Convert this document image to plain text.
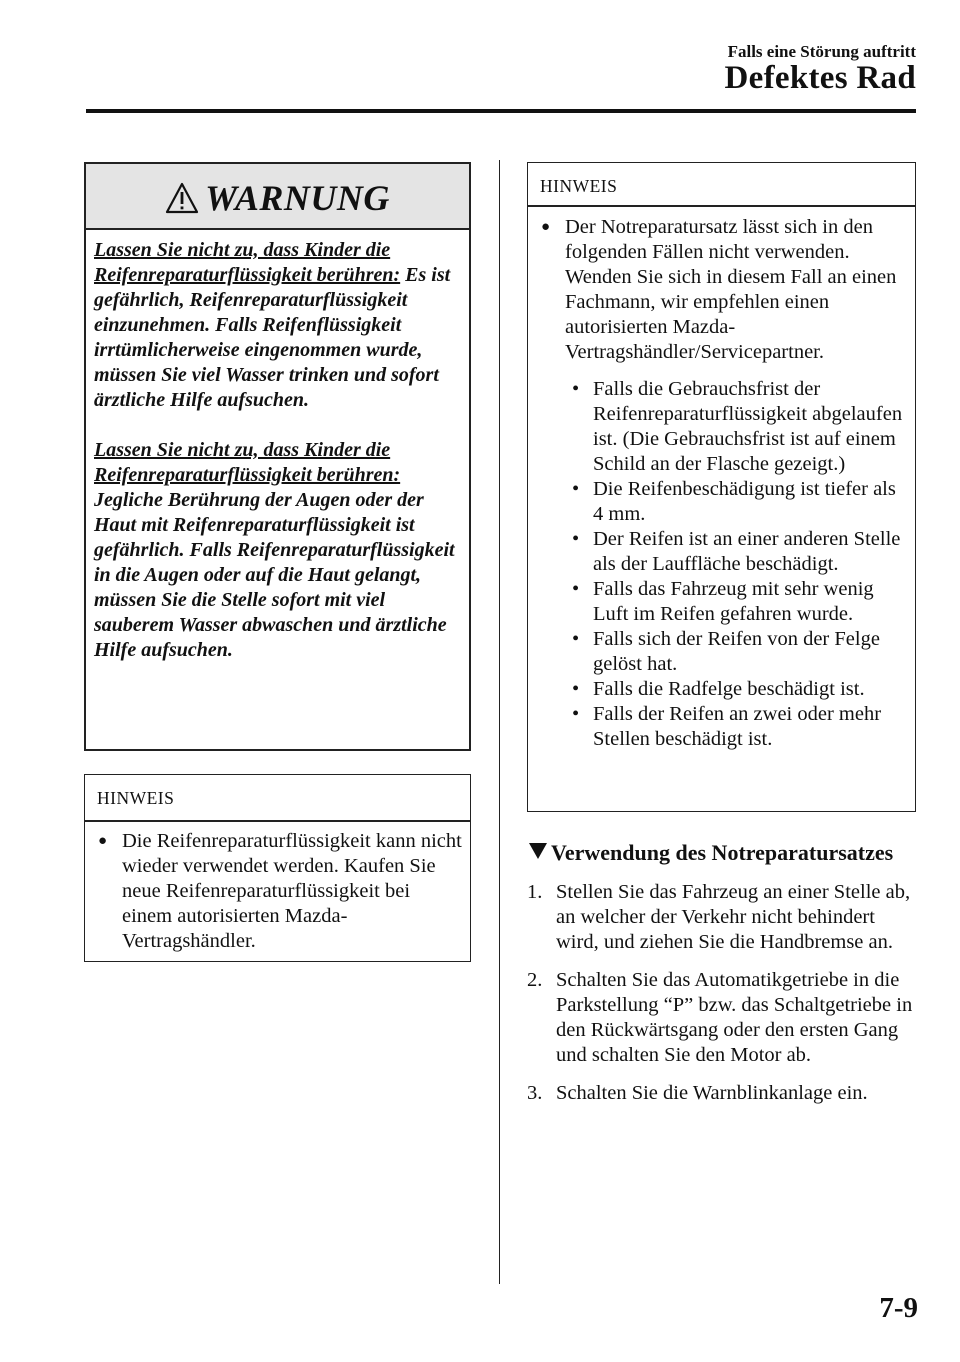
Falls eine Störung auftritt
Defektes Rad
WARNUNG

Lassen Sie nicht zu, dass Kinder die Reifenreparaturflüssigkeit berühren: Es ist gefährlich, Reifenreparaturflüssigkeit einzunehmen. Falls Reifenflüssigkeit irrtümlicherweise eingenommen wurde, müssen Sie viel Wasser trinken und sofort ärztliche Hilfe aufsuchen.

Lassen Sie nicht zu, dass Kinder die Reifenreparaturflüssigkeit berühren: Jegliche Berührung der Augen oder der Haut mit Reifenreparaturflüssigkeit ist gefährlich. Falls Reifenreparaturflüssigkeit in die Augen oder auf die Haut gelangt, müssen Sie die Stelle sofort mit viel sauberem Wasser abwaschen und ärztliche Hilfe aufsuchen.

HINWEIS
● Die Reifenreparaturflüssigkeit kann nicht wieder verwendet werden. Kaufen Sie neue Reifenreparaturflüssigkeit bei einem autorisierten Mazda-Vertragshändler.
HINWEIS
● Der Notreparatursatz lässt sich in den folgenden Fällen nicht verwenden. Wenden Sie sich in diesem Fall an einen Fachmann, wir empfehlen einen autorisierten Mazda-Vertragshändler/Servicepartner.
• Falls die Gebrauchsfrist der Reifenreparaturflüssigkeit abgelaufen ist. (Die Gebrauchsfrist ist auf einem Schild an der Flasche gezeigt.)
• Die Reifenbeschädigung ist tiefer als 4 mm.
• Der Reifen ist an einer anderen Stelle als der Lauffläche beschädigt.
• Falls das Fahrzeug mit sehr wenig Luft im Reifen gefahren wurde.
• Falls sich der Reifen von der Felge gelöst hat.
• Falls die Radfelge beschädigt ist.
• Falls der Reifen an zwei oder mehr Stellen beschädigt ist.
Verwendung des Notreparatursatzes
1. Stellen Sie das Fahrzeug an einer Stelle ab, an welcher der Verkehr nicht behindert wird, und ziehen Sie die Handbremse an.
2. Schalten Sie das Automatikgetriebe in die Parkstellung “P” bzw. das Schaltgetriebe in den Rückwärtsgang oder den ersten Gang und schalten Sie den Motor ab.
3. Schalten Sie die Warnblinkanlage ein.
7-9
